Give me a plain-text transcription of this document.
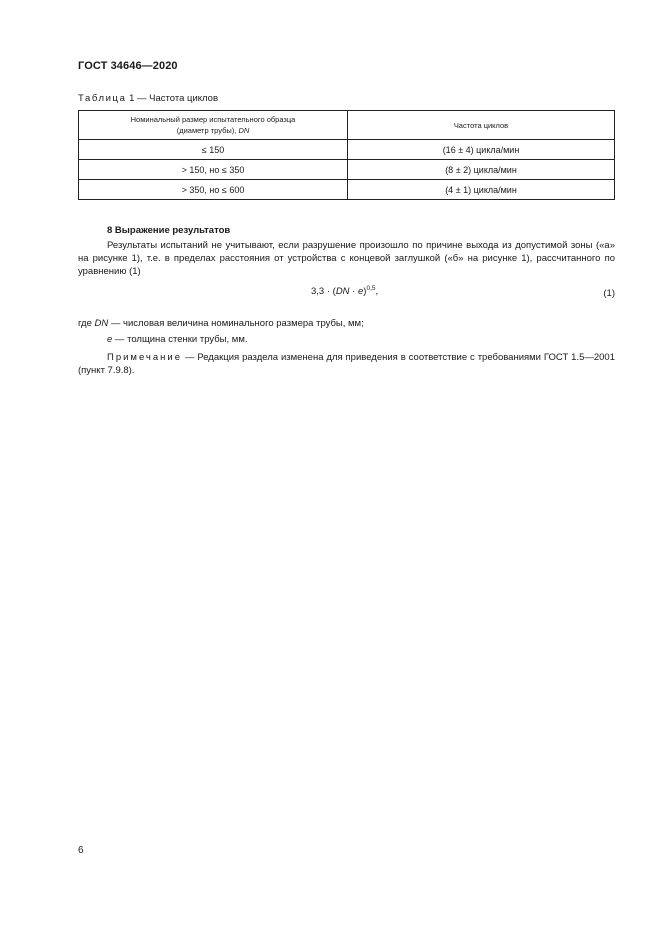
ГОСТ 34646—2020
Таблица 1 — Частота циклов
Номинальный размер испытательного образца
(диаметр трубы), DN	Частота циклов
≤ 150	(16 ± 4) цикла/мин
> 150, но ≤ 350	(8 ± 2) цикла/мин
> 350, но ≤ 600	(4 ± 1) цикла/мин
8 Выражение результатов
Результаты испытаний не учитывают, если разрушение произошло по причине выхода из допустимой зоны («а» на рисунке 1), т.е. в пределах расстояния от устройства с концевой заглушкой («б» на рисунке 1), рассчитанного по уравнению (1)
3,3 · (DN · e)$^{0,5}$,	(1)
где DN — числовая величина номинального размера трубы, мм;
e — толщина стенки трубы, мм.
Примечание — Редакция раздела изменена для приведения в соответствие с требованиями ГОСТ 1.5—2001 (пункт 7.9.8).
6
